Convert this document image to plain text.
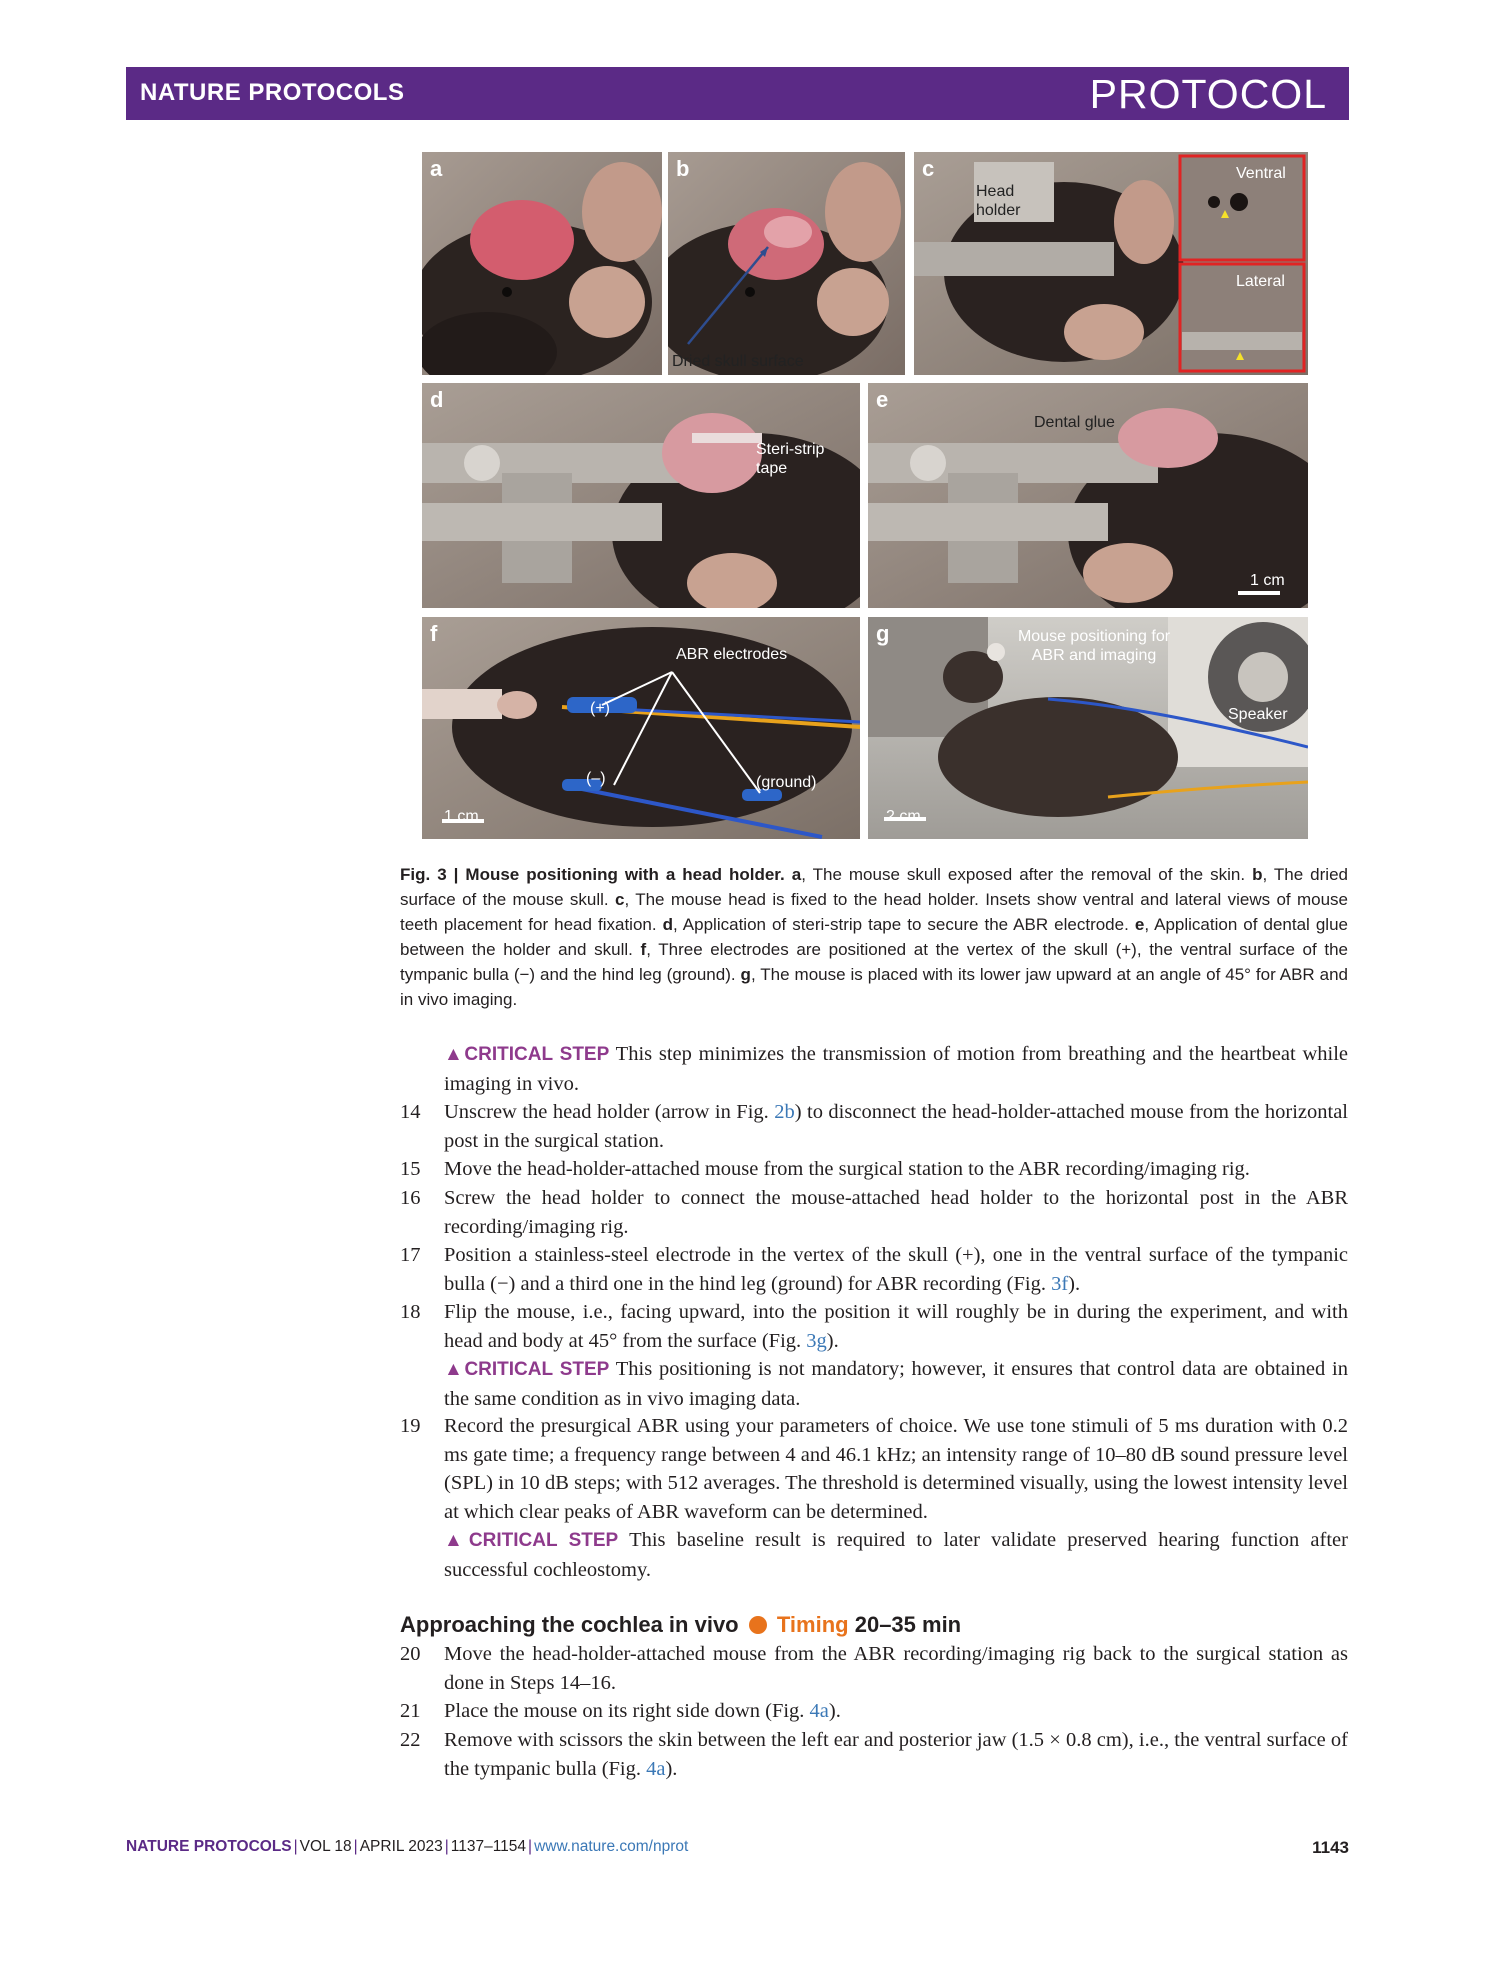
NATURE PROTOCOLS	PROTOCOL
a	b
Dried skull surface
c
Head holder
Ventral
Lateral
d
Steri-strip tape
e
Dental glue
1 cm
f
ABR electrodes
(+)
(–)	(ground)
1 cm
g	Mouse positioning for ABR and imaging
Speaker
2 cm
Fig. 3 | Mouse positioning with a head holder. a, The mouse skull exposed after the removal of the skin. b, The dried surface of the mouse skull. c, The mouse head is fixed to the head holder. Insets show ventral and lateral views of mouse teeth placement for head fixation. d, Application of steri-strip tape to secure the ABR electrode. e, Application of dental glue between the holder and skull. f, Three electrodes are positioned at the vertex of the skull (+), the ventral surface of the tympanic bulla (−) and the hind leg (ground). g, The mouse is placed with its lower jaw upward at an angle of 45° for ABR and in vivo imaging.
▲CRITICAL STEP This step minimizes the transmission of motion from breathing and the heartbeat while imaging in vivo.
14 Unscrew the head holder (arrow in Fig. 2b) to disconnect the head-holder-attached mouse from the horizontal post in the surgical station.
15 Move the head-holder-attached mouse from the surgical station to the ABR recording/imaging rig.
16 Screw the head holder to connect the mouse-attached head holder to the horizontal post in the ABR recording/imaging rig.
17 Position a stainless-steel electrode in the vertex of the skull (+), one in the ventral surface of the tympanic bulla (−) and a third one in the hind leg (ground) for ABR recording (Fig. 3f).
18 Flip the mouse, i.e., facing upward, into the position it will roughly be in during the experiment, and with head and body at 45° from the surface (Fig. 3g).
▲CRITICAL STEP This positioning is not mandatory; however, it ensures that control data are obtained in the same condition as in vivo imaging data.
19 Record the presurgical ABR using your parameters of choice. We use tone stimuli of 5 ms duration with 0.2 ms gate time; a frequency range between 4 and 46.1 kHz; an intensity range of 10–80 dB sound pressure level (SPL) in 10 dB steps; with 512 averages. The threshold is determined visually, using the lowest intensity level at which clear peaks of ABR waveform can be determined.
▲CRITICAL STEP This baseline result is required to later validate preserved hearing function after successful cochleostomy.
Approaching the cochlea in vivo Timing 20–35 min
20 Move the head-holder-attached mouse from the ABR recording/imaging rig back to the surgical station as done in Steps 14–16.
21 Place the mouse on its right side down (Fig. 4a).
22 Remove with scissors the skin between the left ear and posterior jaw (1.5 × 0.8 cm), i.e., the ventral surface of the tympanic bulla (Fig. 4a).
NATURE PROTOCOLS | VOL 18 | APRIL 2023 | 1137–1154 | www.nature.com/nprot	1143
